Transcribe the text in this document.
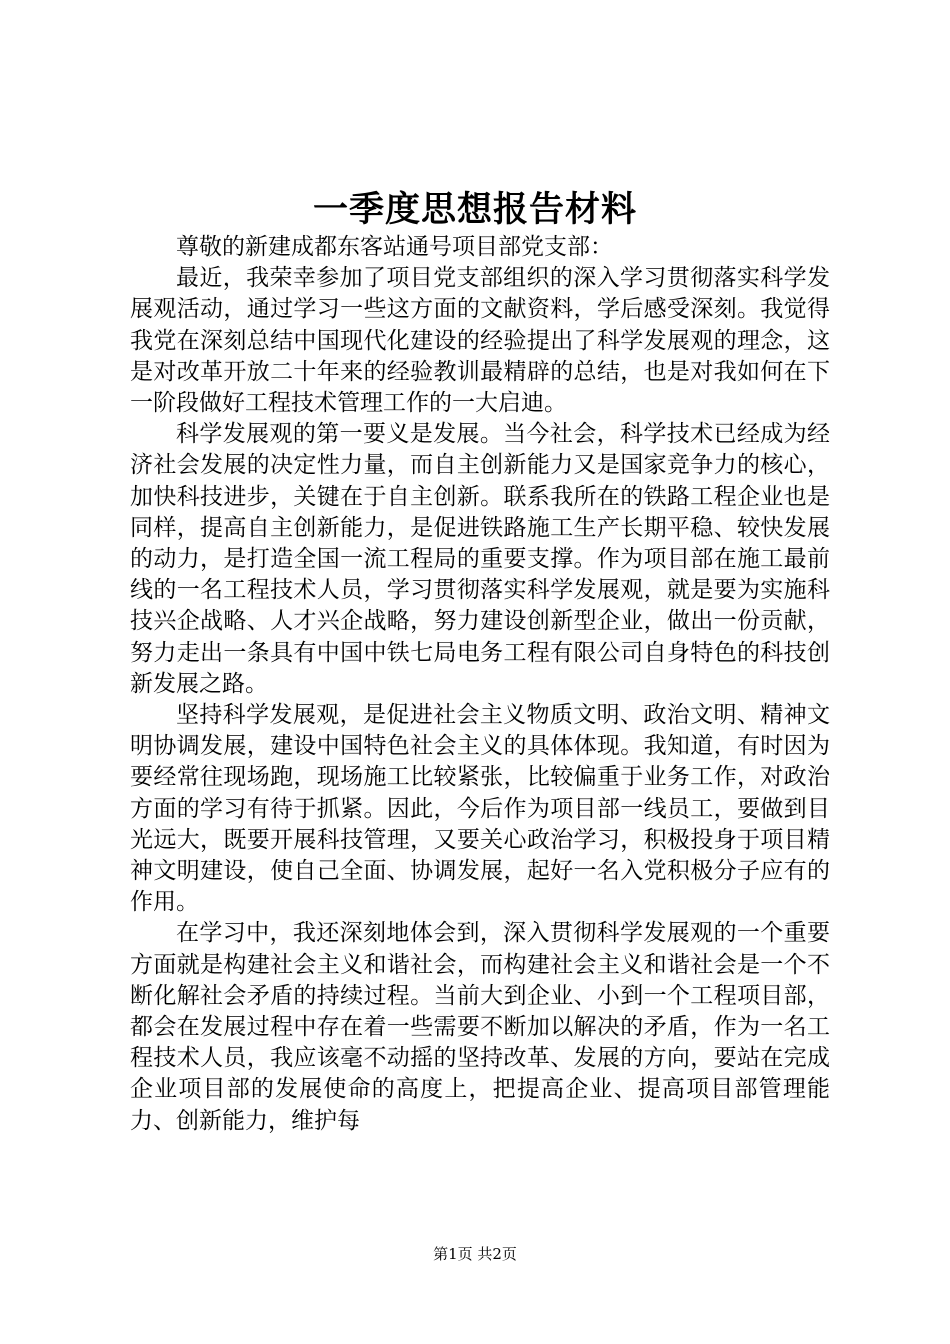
一季度思想报告材料

尊敬的新建成都东客站通号项目部党支部：

最近，我荣幸参加了项目党支部组织的深入学习贯彻落实科学发展观活动，通过学习一些这方面的文献资料，学后感受深刻。我觉得我党在深刻总结中国现代化建设的经验提出了科学发展观的理念，这是对改革开放二十年来的经验教训最精辟的总结，也是对我如何在下一阶段做好工程技术管理工作的一大启迪。

科学发展观的第一要义是发展。当今社会，科学技术已经成为经济社会发展的决定性力量，而自主创新能力又是国家竞争力的核心，加快科技进步，关键在于自主创新。联系我所在的铁路工程企业也是同样，提高自主创新能力，是促进铁路施工生产长期平稳、较快发展的动力，是打造全国一流工程局的重要支撑。作为项目部在施工最前线的一名工程技术人员，学习贯彻落实科学发展观，就是要为实施科技兴企战略、人才兴企战略，努力建设创新型企业，做出一份贡献，努力走出一条具有中国中铁七局电务工程有限公司自身特色的科技创新发展之路。

坚持科学发展观，是促进社会主义物质文明、政治文明、精神文明协调发展，建设中国特色社会主义的具体体现。我知道，有时因为要经常往现场跑，现场施工比较紧张，比较偏重于业务工作，对政治方面的学习有待于抓紧。因此，今后作为项目部一线员工，要做到目光远大，既要开展科技管理，又要关心政治学习，积极投身于项目精神文明建设，使自己全面、协调发展，起好一名入党积极分子应有的作用。

在学习中，我还深刻地体会到，深入贯彻科学发展观的一个重要方面就是构建社会主义和谐社会，而构建社会主义和谐社会是一个不断化解社会矛盾的持续过程。当前大到企业、小到一个工程项目部，都会在发展过程中存在着一些需要不断加以解决的矛盾，作为一名工程技术人员，我应该毫不动摇的坚持改革、发展的方向，要站在完成企业项目部的发展使命的高度上，把提高企业、提高项目部管理能力、创新能力，维护每

第1页 共2页
